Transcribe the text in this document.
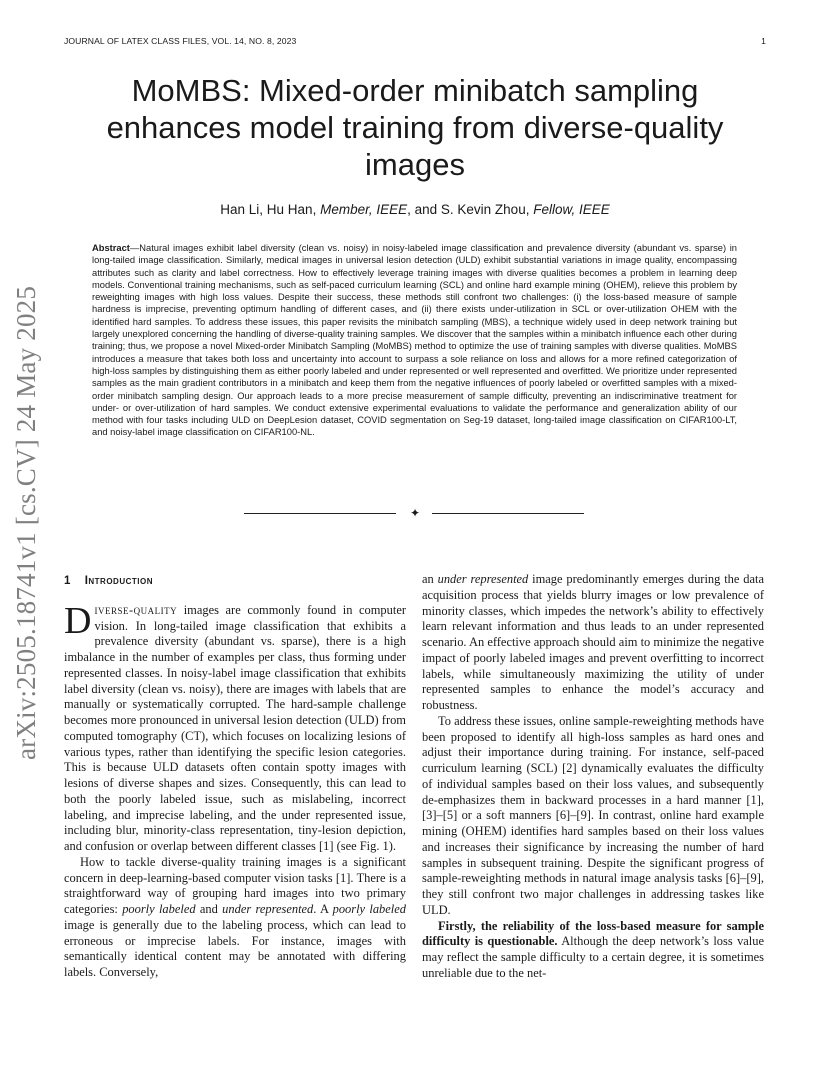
JOURNAL OF LATEX CLASS FILES, VOL. 14, NO. 8, 2023	1
arXiv:2505.18741v1 [cs.CV] 24 May 2025
MoMBS: Mixed-order minibatch sampling enhances model training from diverse-quality images
Han Li, Hu Han, Member, IEEE, and S. Kevin Zhou, Fellow, IEEE
Abstract—Natural images exhibit label diversity (clean vs. noisy) in noisy-labeled image classification and prevalence diversity (abundant vs. sparse) in long-tailed image classification. Similarly, medical images in universal lesion detection (ULD) exhibit substantial variations in image quality, encompassing attributes such as clarity and label correctness. How to effectively leverage training images with diverse qualities becomes a problem in learning deep models. Conventional training mechanisms, such as self-paced curriculum learning (SCL) and online hard example mining (OHEM), relieve this problem by reweighting images with high loss values. Despite their success, these methods still confront two challenges: (i) the loss-based measure of sample hardness is imprecise, preventing optimum handling of different cases, and (ii) there exists under-utilization in SCL or over-utilization OHEM with the identified hard samples. To address these issues, this paper revisits the minibatch sampling (MBS), a technique widely used in deep network training but largely unexplored concerning the handling of diverse-quality training samples. We discover that the samples within a minibatch influence each other during training; thus, we propose a novel Mixed-order Minibatch Sampling (MoMBS) method to optimize the use of training samples with diverse qualities. MoMBS introduces a measure that takes both loss and uncertainty into account to surpass a sole reliance on loss and allows for a more refined categorization of high-loss samples by distinguishing them as either poorly labeled and under represented or well represented and overfitted. We prioritize under represented samples as the main gradient contributors in a minibatch and keep them from the negative influences of poorly labeled or overfitted samples with a mixed-order minibatch sampling design. Our approach leads to a more precise measurement of sample difficulty, preventing an indiscriminative treatment for under- or over-utilization of hard samples. We conduct extensive experimental evaluations to validate the performance and generalization ability of our method with four tasks including ULD on DeepLesion dataset, COVID segmentation on Seg-19 dataset, long-tailed image classification on CIFAR100-LT, and noisy-label image classification on CIFAR100-NL.
✦
1 Introduction

Diverse-quality images are commonly found in computer vision. In long-tailed image classification that exhibits a prevalence diversity (abundant vs. sparse), there is a high imbalance in the number of examples per class, thus forming under represented classes. In noisy-label image classification that exhibits label diversity (clean vs. noisy), there are images with labels that are manually or systematically corrupted. The hard-sample challenge becomes more pronounced in universal lesion detection (ULD) from computed tomography (CT), which focuses on localizing lesions of various types, rather than identifying the specific lesion categories. This is because ULD datasets often contain spotty images with lesions of diverse shapes and sizes. Consequently, this can lead to both the poorly labeled issue, such as mislabeling, incorrect labeling, and imprecise labeling, and the under represented issue, including blur, minority-class representation, tiny-lesion depiction, and confusion or overlap between different classes [1] (see Fig. 1).

How to tackle diverse-quality training images is a significant concern in deep-learning-based computer vision tasks [1]. There is a straightforward way of grouping hard images into two primary categories: poorly labeled and under represented. A poorly labeled image is generally due to the labeling process, which can lead to erroneous or imprecise labels. For instance, images with semantically identical content may be annotated with differing labels. Conversely,

an under represented image predominantly emerges during the data acquisition process that yields blurry images or low prevalence of minority classes, which impedes the network’s ability to effectively learn relevant information and thus leads to an under represented scenario. An effective approach should aim to minimize the negative impact of poorly labeled images and prevent overfitting to incorrect labels, while simultaneously maximizing the utility of under represented samples to enhance the model’s accuracy and robustness.

To address these issues, online sample-reweighting methods have been proposed to identify all high-loss samples as hard ones and adjust their importance during training. For instance, self-paced curriculum learning (SCL) [2] dynamically evaluates the difficulty of individual samples based on their loss values, and subsequently de-emphasizes them in backward processes in a hard manner [1], [3]–[5] or a soft manners [6]–[9]. In contrast, online hard example mining (OHEM) identifies hard samples based on their loss values and increases their significance by increasing the number of hard samples in subsequent training. Despite the significant progress of sample-reweighting methods in natural image analysis tasks [6]–[9], they still confront two major challenges in addressing taskes like ULD.

Firstly, the reliability of the loss-based measure for sample difficulty is questionable. Although the deep network’s loss value may reflect the sample difficulty to a certain degree, it is sometimes unreliable due to the net-
